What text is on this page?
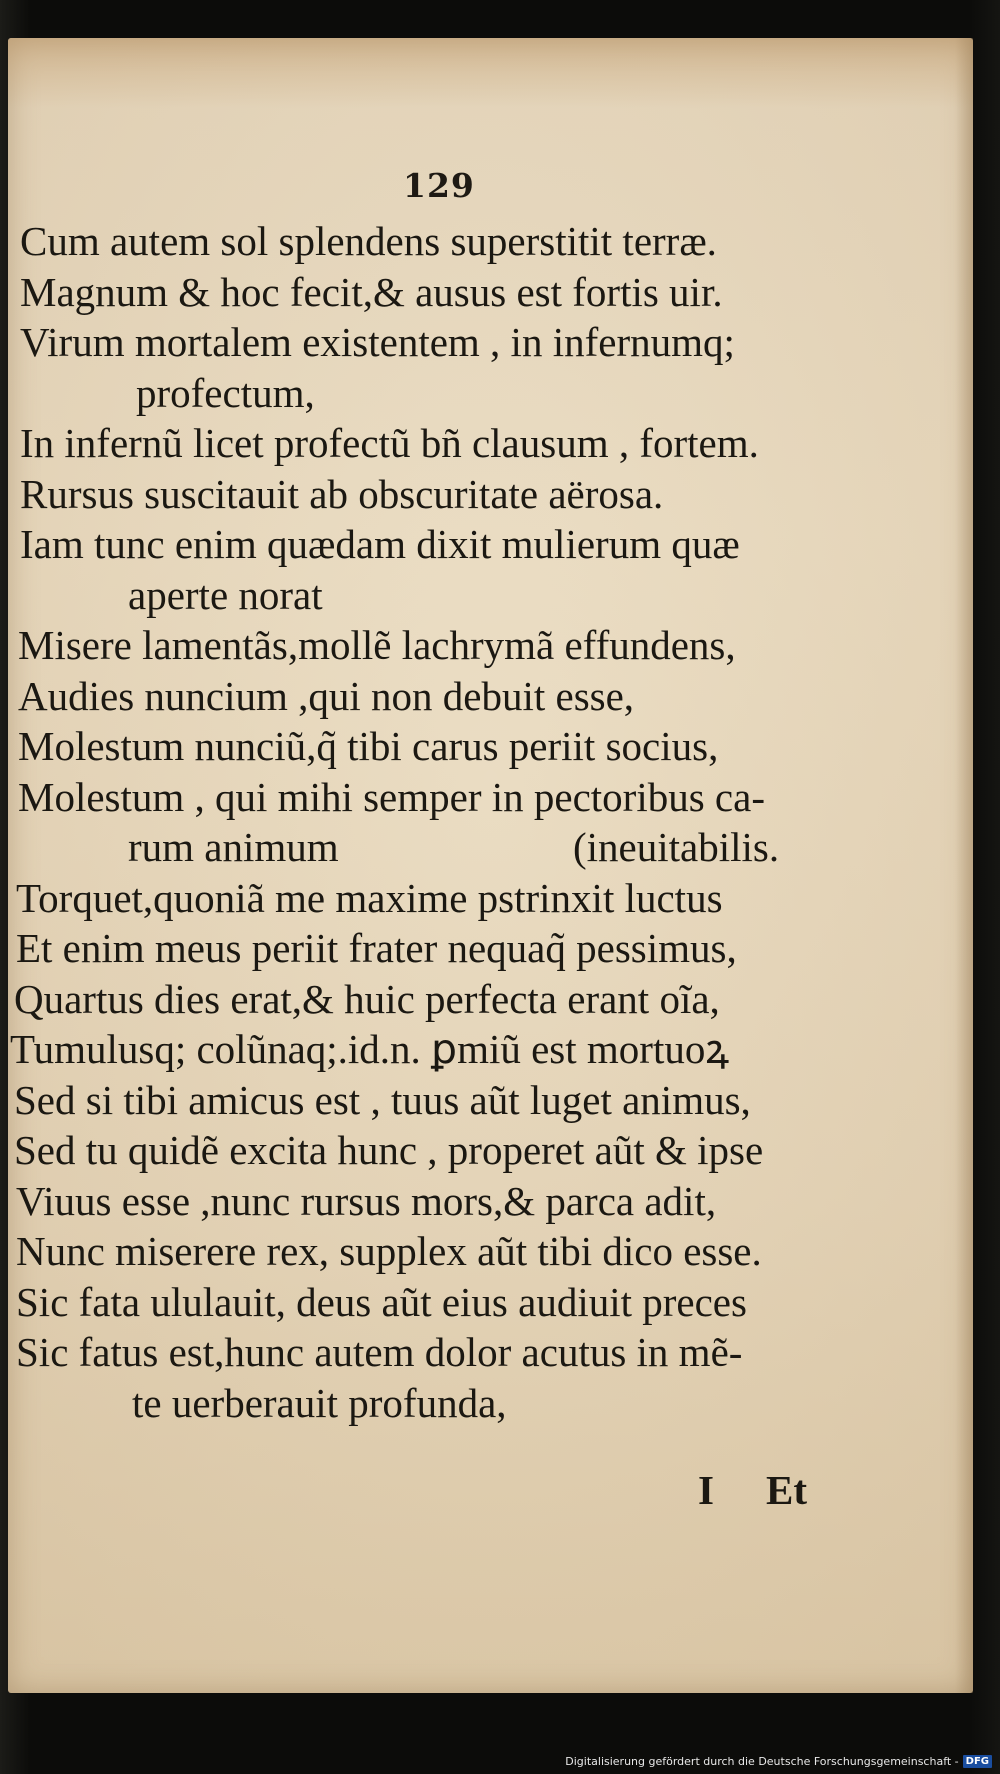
129
Cum autem sol splendens superstitit terræ.
Magnum & hoc fecit,& ausus est fortis uir.
Virum mortalem existentem , in infernumq;
profectum,
In infernũ licet profectũ bñ clausum , fortem.
Rursus suscitauit ab obscuritate aërosa.
Iam tunc enim quædam dixit mulierum quæ
aperte norat
Misere lamentãs,mollẽ lachrymã effundens,
Audies nuncium ,qui non debuit esse,
Molestum nunciũ,q̃ tibi carus periit socius,
Molestum , qui mihi semper in pectoribus ca-
rum animum	(ineuitabilis.
Torquet,quoniã me maxime pstrinxit luctus
Et enim meus periit frater nequaq̃ pessimus,
Quartus dies erat,& huic perfecta erant oĩa,
Tumulusq; colũnaq;.id.n. ꝑmiũ est mortuoꝝ
Sed si tibi amicus est , tuus aũt luget animus,
Sed tu quidẽ excita hunc , properet aũt & ipse
Viuus esse ,nunc rursus mors,& parca adit,
Nunc miserere rex, supplex aũt tibi dico esse.
Sic fata ululauit, deus aũt eius audiuit preces
Sic fatus est,hunc autem dolor acutus in mẽ-
te uerberauit profunda,
I Et
Digitalisierung gefördert durch die Deutsche Forschungsgemeinschaft - DFG
